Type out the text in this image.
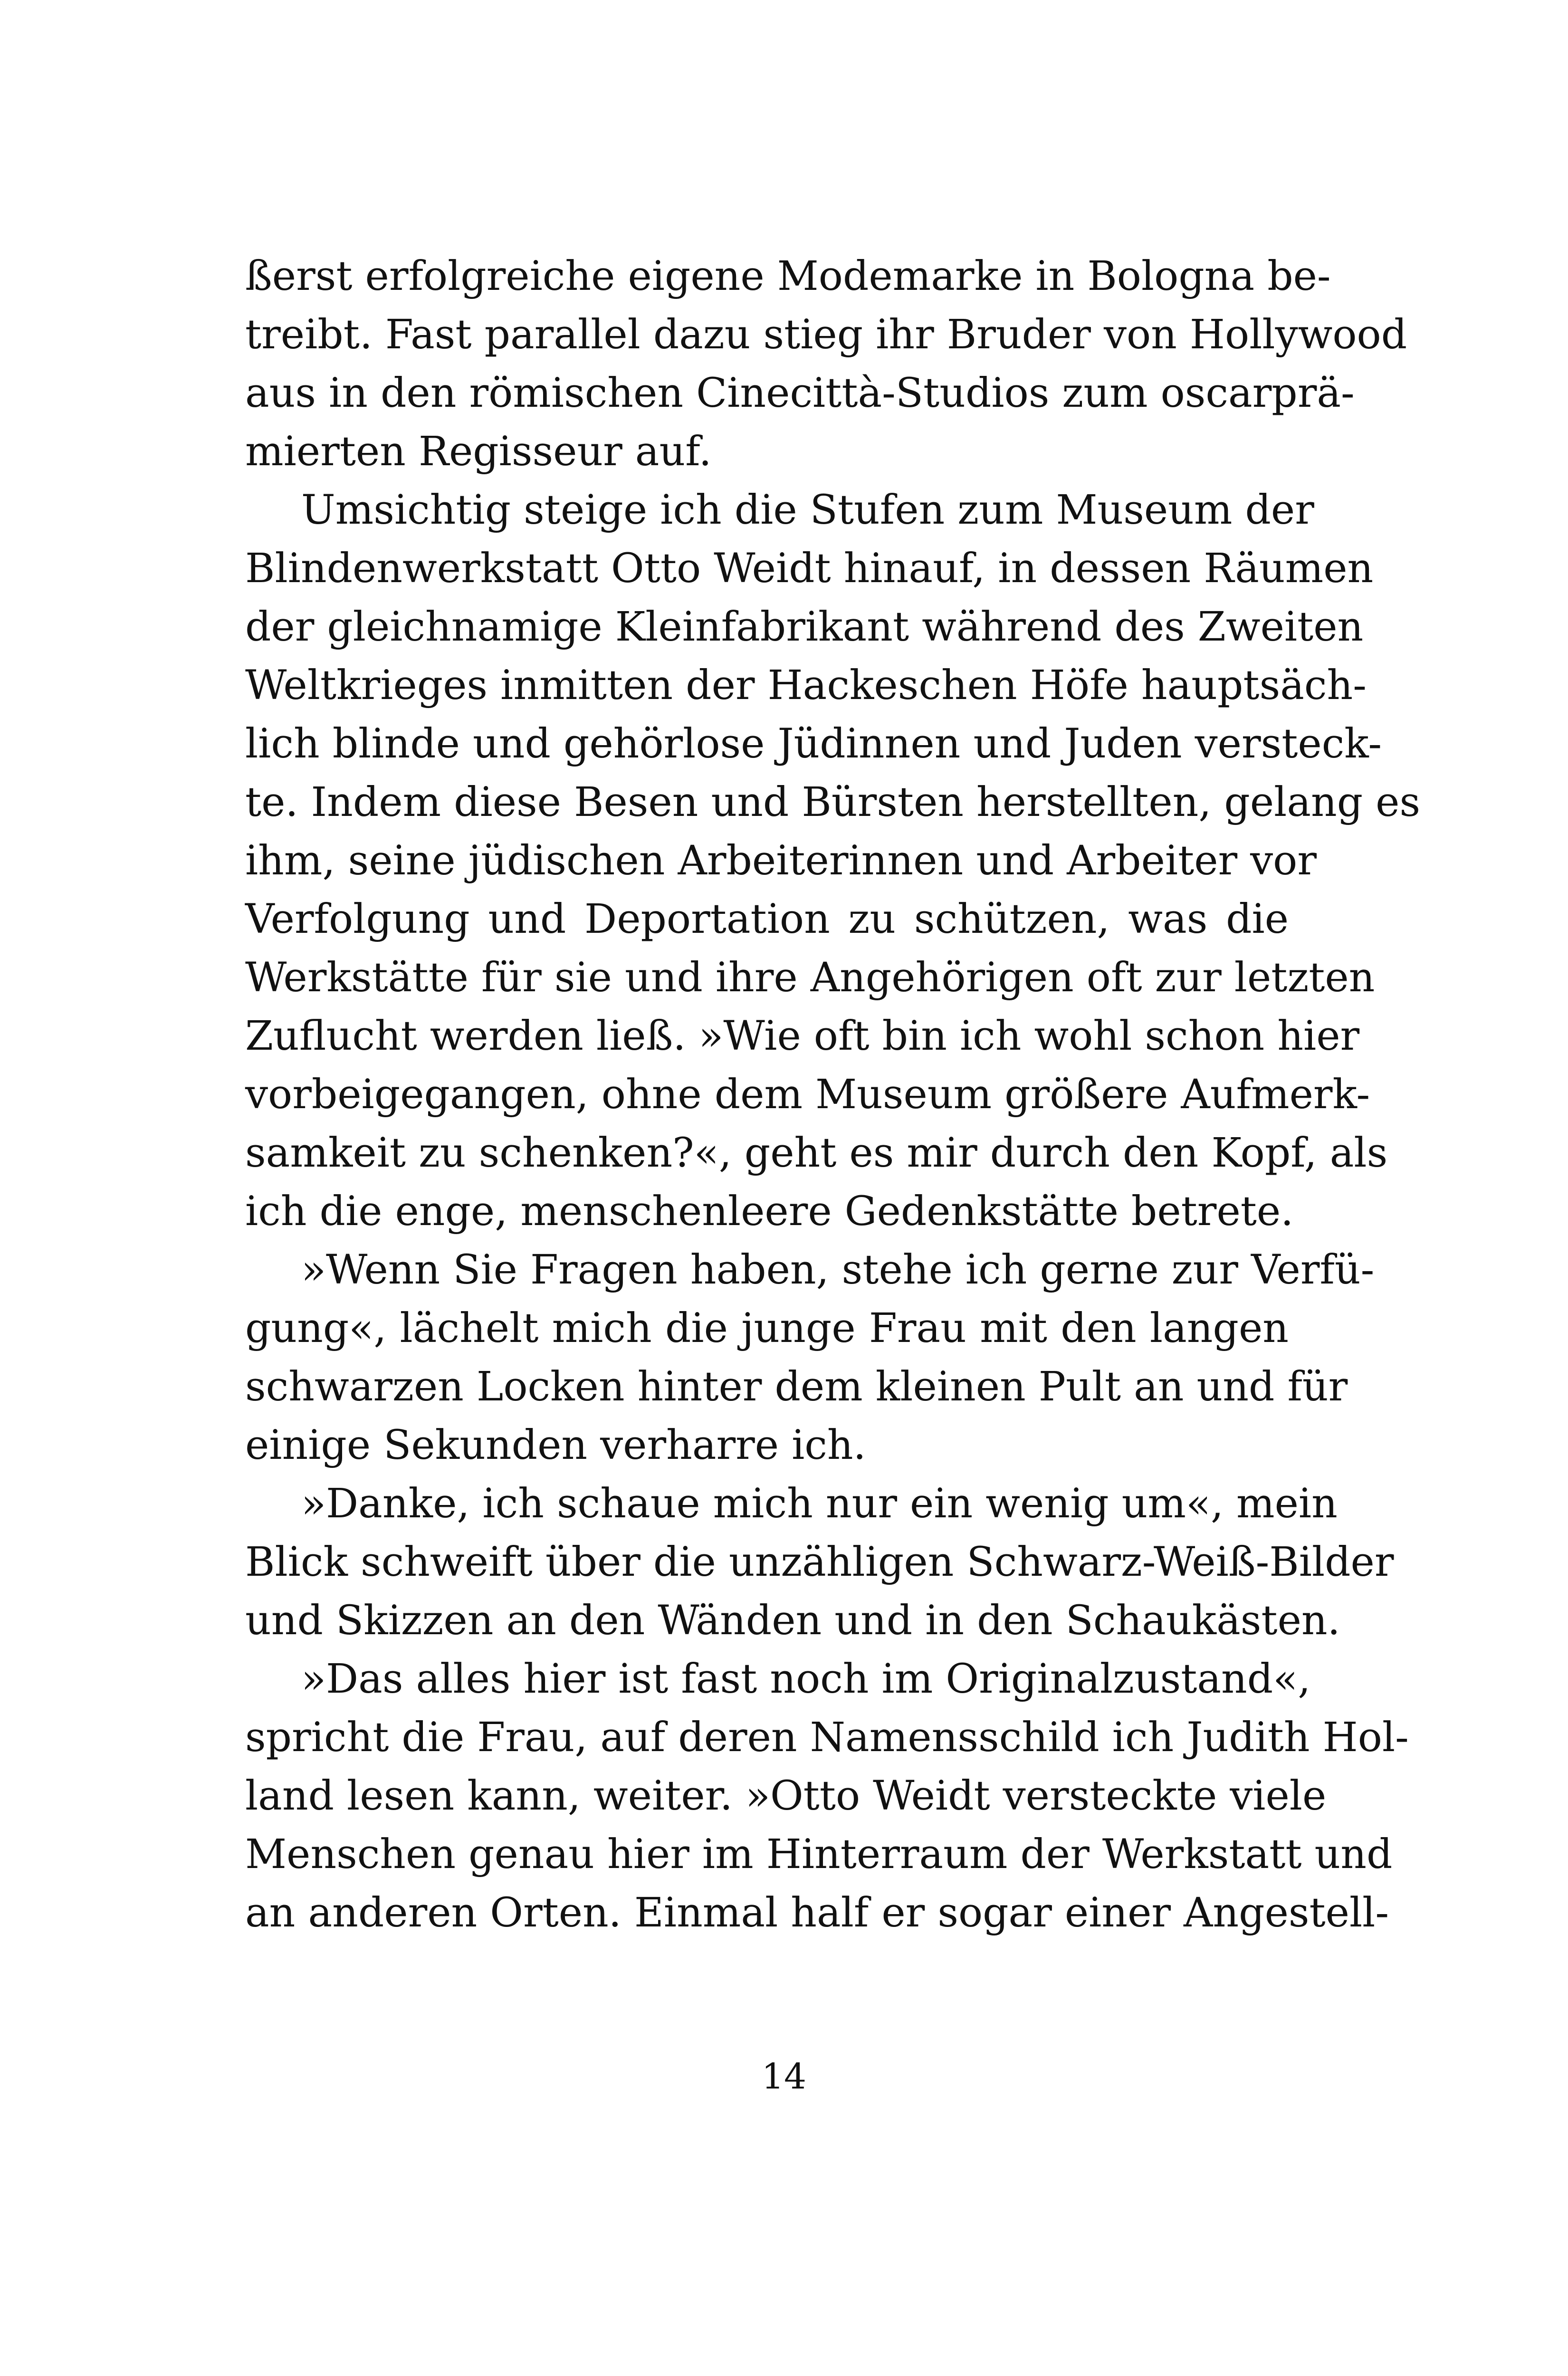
ßerst erfolgreiche eigene Modemarke in Bologna be-
treibt. Fast parallel dazu stieg ihr Bruder von Hollywood
aus in den römischen Cinecittà-Studios zum oscarprä-
mierten Regisseur auf.
Umsichtig steige ich die Stufen zum Museum der
Blindenwerkstatt Otto Weidt hinauf, in dessen Räumen
der gleichnamige Kleinfabrikant während des Zweiten
Weltkrieges inmitten der Hackeschen Höfe hauptsäch-
lich blinde und gehörlose Jüdinnen und Juden versteck-
te. Indem diese Besen und Bürsten herstellten, gelang es
ihm, seine jüdischen Arbeiterinnen und Arbeiter vor
Verfolgung und Deportation zu schützen, was die
Werkstätte für sie und ihre Angehörigen oft zur letzten
Zuflucht werden ließ. »Wie oft bin ich wohl schon hier
vorbeigegangen, ohne dem Museum größere Aufmerk-
samkeit zu schenken?«, geht es mir durch den Kopf, als
ich die enge, menschenleere Gedenkstätte betrete.
»Wenn Sie Fragen haben, stehe ich gerne zur Verfü-
gung«, lächelt mich die junge Frau mit den langen
schwarzen Locken hinter dem kleinen Pult an und für
einige Sekunden verharre ich.
»Danke, ich schaue mich nur ein wenig um«, mein
Blick schweift über die unzähligen Schwarz-Weiß-Bilder
und Skizzen an den Wänden und in den Schaukästen.
»Das alles hier ist fast noch im Originalzustand«,
spricht die Frau, auf deren Namensschild ich Judith Hol-
land lesen kann, weiter. »Otto Weidt versteckte viele
Menschen genau hier im Hinterraum der Werkstatt und
an anderen Orten. Einmal half er sogar einer Angestell-
14
